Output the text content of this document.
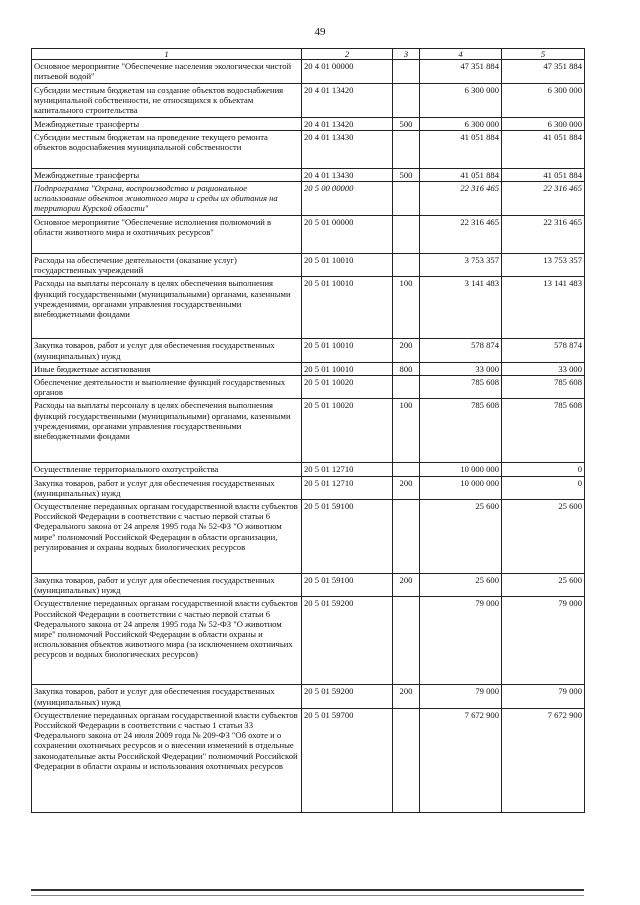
49
1	2	3	4	5
Основное мероприятие "Обеспечение населения экологически чистой питьевой водой"	20 4 01 00000		47 351 884	47 351 884
Субсидии местным бюджетам на создание объектов водоснабжения муниципальной собственности, не относящихся к объектам капитального строительства	20 4 01 13420		6 300 000	6 300 000
Межбюджетные трансферты	20 4 01 13420	500	6 300 000	6 300 000
Субсидии местным бюджетам на проведение текущего ремонта объектов водоснабжения муниципальной собственности	20 4 01 13430		41 051 884	41 051 884
Межбюджетные трансферты	20 4 01 13430	500	41 051 884	41 051 884
Подпрограмма "Охрана, воспроизводство и рациональное использование объектов животного мира и среды их обитания на территории Курской области"	20 5 00 00000		22 316 465	22 316 465
Основное мероприятие "Обеспечение исполнения полномочий в области животного мира и охотничьих ресурсов"	20 5 01 00000		22 316 465	22 316 465
Расходы на обеспечение деятельности (оказание услуг) государственных учреждений	20 5 01 10010		3 753 357	13 753 357
Расходы на выплаты персоналу в целях обеспечения выполнения функций государственными (муниципальными) органами, казенными учреждениями, органами управления государственными внебюджетными фондами	20 5 01 10010	100	3 141 483	13 141 483
Закупка товаров, работ и услуг для обеспечения государственных (муниципальных) нужд	20 5 01 10010	200	578 874	578 874
Иные бюджетные ассигнования	20 5 01 10010	800	33 000	33 000
Обеспечение деятельности и выполнение функций государственных органов	20 5 01 10020		785 608	785 608
Расходы на выплаты персоналу в целях обеспечения выполнения функций государственными (муниципальными) органами, казенными учреждениями, органами управления государственными внебюджетными фондами	20 5 01 10020	100	785 608	785 608
Осуществление территориального охотустройства	20 5 01 12710		10 000 000	0
Закупка товаров, работ и услуг для обеспечения государственных (муниципальных) нужд	20 5 01 12710	200	10 000 000	0
Осуществление переданных органам государственной власти субъектов Российской Федерации в соответствии с частью первой статьи 6 Федерального закона от 24 апреля 1995 года № 52-ФЗ "О животном мире" полномочий Российской Федерации в области организации, регулирования и охраны водных биологических ресурсов	20 5 01 59100		25 600	25 600
Закупка товаров, работ и услуг для обеспечения государственных (муниципальных) нужд	20 5 01 59100	200	25 600	25 600
Осуществление переданных органам государственной власти субъектов Российской Федерации в соответствии с частью первой статьи 6 Федерального закона от 24 апреля 1995 года № 52-ФЗ "О животном мире" полномочий Российской Федерации в области охраны и использования объектов животного мира (за исключением охотничьих ресурсов и водных биологических ресурсов)	20 5 01 59200		79 000	79 000
Закупка товаров, работ и услуг для обеспечения государственных (муниципальных) нужд	20 5 01 59200	200	79 000	79 000
Осуществление переданных органам государственной власти субъектов Российской Федерации в соответствии с частью 1 статьи 33 Федерального закона от 24 июля 2009 года № 209-ФЗ "Об охоте и о сохранении охотничьих ресурсов и о внесении изменений в отдельные законодательные акты Российской Федерации" полномочий Российской Федерации в области охраны и использования охотничьих ресурсов	20 5 01 59700		7 672 900	7 672 900
